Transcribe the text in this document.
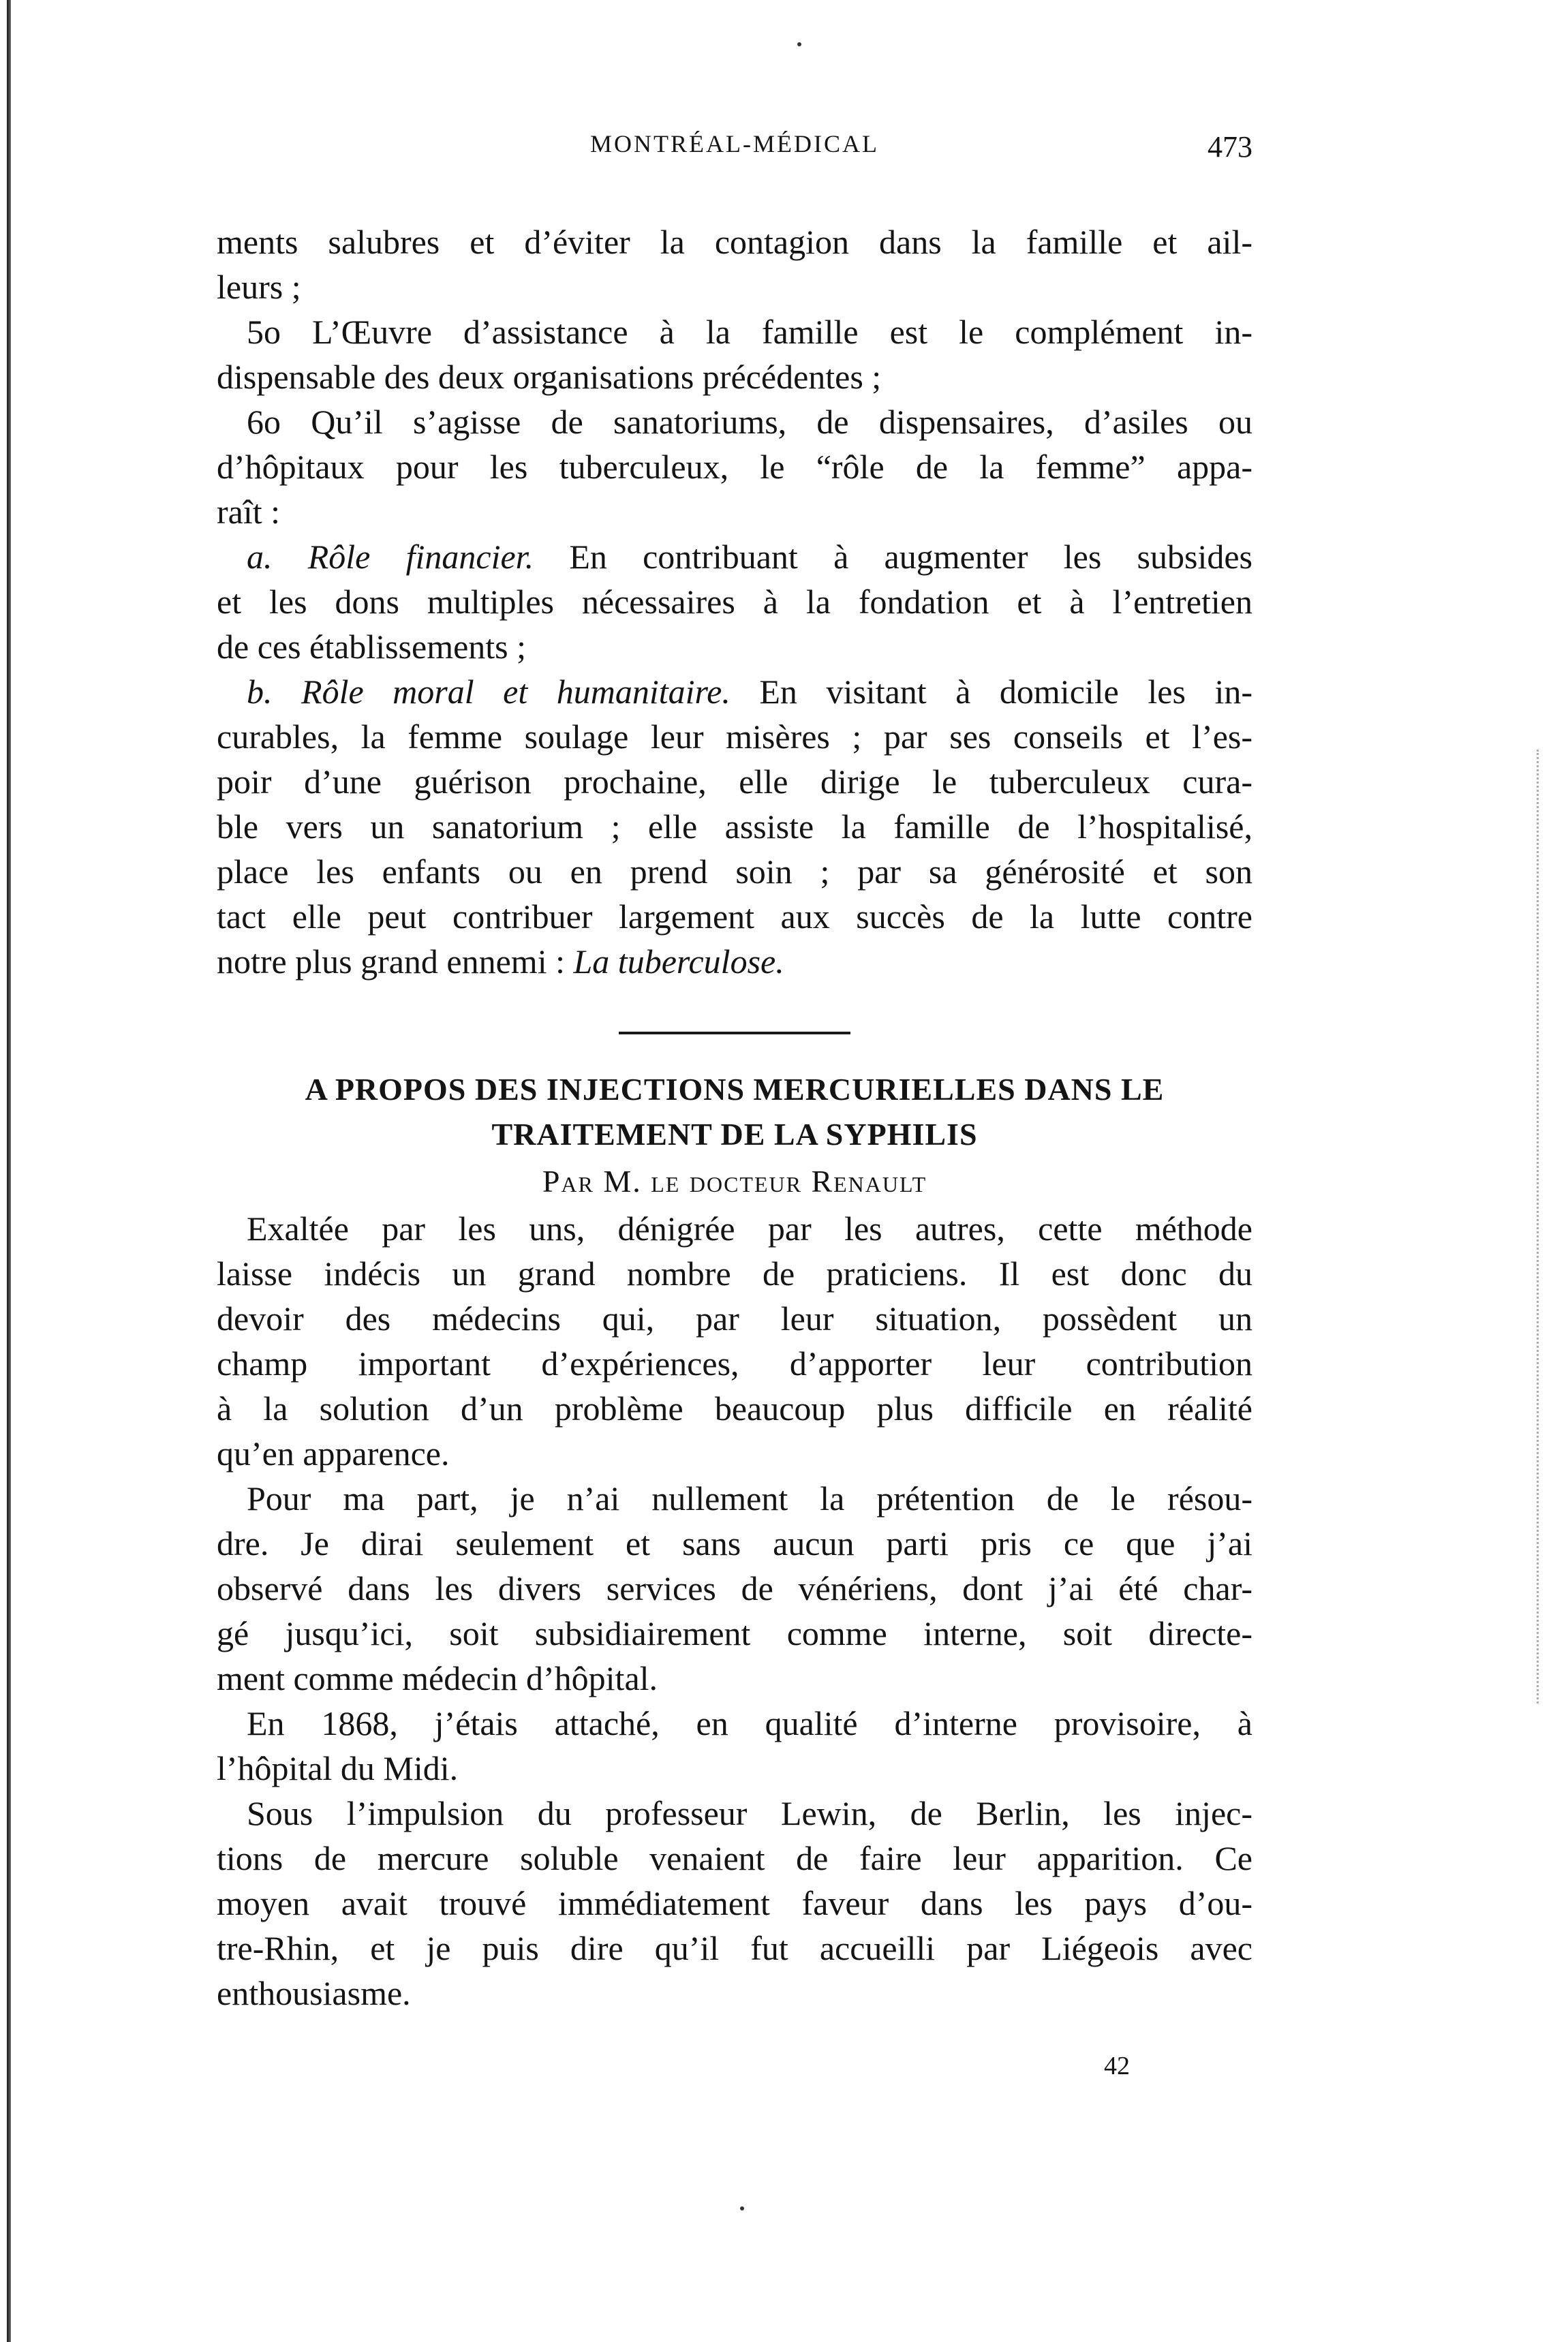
MONTRÉAL-MÉDICAL	473
ments salubres et d’éviter la contagion dans la famille et ail-
leurs ;
5o L’Œuvre d’assistance à la famille est le complément in-
dispensable des deux organisations précédentes ;
6o Qu’il s’agisse de sanatoriums, de dispensaires, d’asiles ou
d’hôpitaux pour les tuberculeux, le “rôle de la femme” appa-
raît :
a. Rôle financier. En contribuant à augmenter les subsides
et les dons multiples nécessaires à la fondation et à l’entretien
de ces établissements ;
b. Rôle moral et humanitaire. En visitant à domicile les in-
curables, la femme soulage leur misères ; par ses conseils et l’es-
poir d’une guérison prochaine, elle dirige le tuberculeux cura-
ble vers un sanatorium ; elle assiste la famille de l’hospitalisé,
place les enfants ou en prend soin ; par sa générosité et son
tact elle peut contribuer largement aux succès de la lutte contre
notre plus grand ennemi : La tuberculose.
A PROPOS DES INJECTIONS MERCURIELLES DANS LE
TRAITEMENT DE LA SYPHILIS
Par M. le docteur Renault
Exaltée par les uns, dénigrée par les autres, cette méthode
laisse indécis un grand nombre de praticiens. Il est donc du
devoir des médecins qui, par leur situation, possèdent un
champ important d’expériences, d’apporter leur contribution
à la solution d’un problème beaucoup plus difficile en réalité
qu’en apparence.
Pour ma part, je n’ai nullement la prétention de le résou-
dre. Je dirai seulement et sans aucun parti pris ce que j’ai
observé dans les divers services de vénériens, dont j’ai été char-
gé jusqu’ici, soit subsidiairement comme interne, soit directe-
ment comme médecin d’hôpital.
En 1868, j’étais attaché, en qualité d’interne provisoire, à
l’hôpital du Midi.
Sous l’impulsion du professeur Lewin, de Berlin, les injec-
tions de mercure soluble venaient de faire leur apparition. Ce
moyen avait trouvé immédiatement faveur dans les pays d’ou-
tre-Rhin, et je puis dire qu’il fut accueilli par Liégeois avec
enthousiasme.
42
